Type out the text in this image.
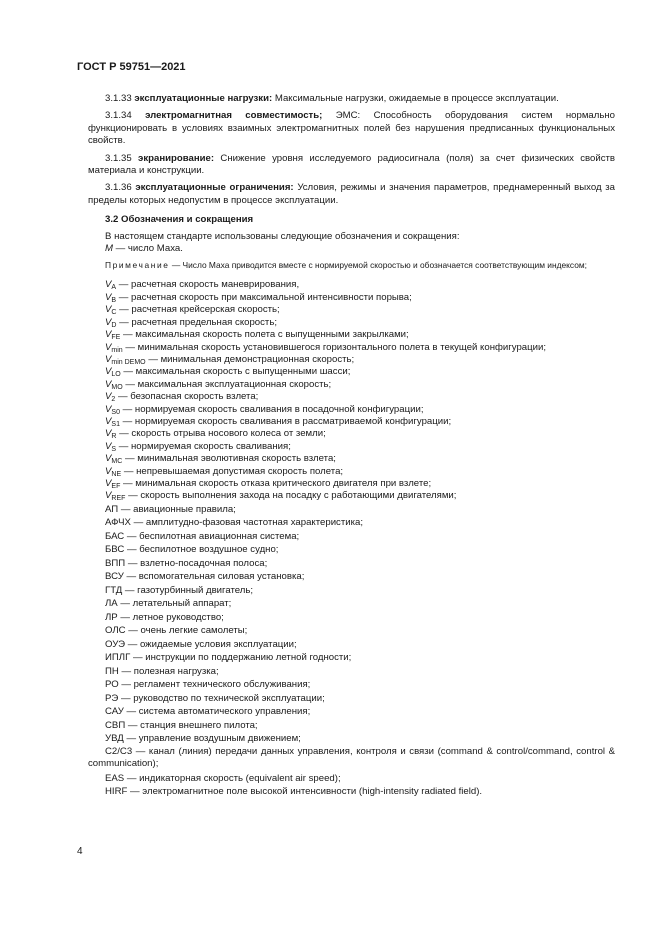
ГОСТ Р 59751—2021

3.1.33 эксплуатационные нагрузки: Максимальные нагрузки, ожидаемые в процессе эксплуатации.

3.1.34 электромагнитная совместимость; ЭМС: Способность оборудования систем нормально функционировать в условиях взаимных электромагнитных полей без нарушения предписанных функциональных свойств.

3.1.35 экранирование: Снижение уровня исследуемого радиосигнала (поля) за счет физических свойств материала и конструкции.

3.1.36 эксплуатационные ограничения: Условия, режимы и значения параметров, преднамеренный выход за пределы которых недопустим в процессе эксплуатации.

3.2 Обозначения и сокращения

В настоящем стандарте использованы следующие обозначения и сокращения:

M — число Маха.

Примечание — Число Маха приводится вместе с нормируемой скоростью и обозначается соответствующим индексом;

$V_A$ — расчетная скорость маневрирования,
$V_B$ — расчетная скорость при максимальной интенсивности порыва;
$V_C$ — расчетная крейсерская скорость;
$V_D$ — расчетная предельная скорость;
$V_{FE}$ — максимальная скорость полета с выпущенными закрылками;
$V_{min}$ — минимальная скорость установившегося горизонтального полета в текущей конфигурации;
$V_{min DEMO}$ — минимальная демонстрационная скорость;
$V_{LO}$ — максимальная скорость с выпущенными шасси;
$V_{MO}$ — максимальная эксплуатационная скорость;
$V_2$ — безопасная скорость взлета;
$V_{S0}$ — нормируемая скорость сваливания в посадочной конфигурации;
$V_{S1}$ — нормируемая скорость сваливания в рассматриваемой конфигурации;
$V_R$ — скорость отрыва носового колеса от земли;
$V_S$ — нормируемая скорость сваливания;
$V_{MC}$ — минимальная эволютивная скорость взлета;
$V_{NE}$ — непревышаемая допустимая скорость полета;
$V_{EF}$ — минимальная скорость отказа критического двигателя при взлете;
$V_{REF}$ — скорость выполнения захода на посадку с работающими двигателями;
АП — авиационные правила;
АФЧХ — амплитудно-фазовая частотная характеристика;
БАС — беспилотная авиационная система;
БВС — беспилотное воздушное судно;
ВПП — взлетно-посадочная полоса;
ВСУ — вспомогательная силовая установка;
ГТД — газотурбинный двигатель;
ЛА — летательный аппарат;
ЛР — летное руководство;
ОЛС — очень легкие самолеты;
ОУЭ — ожидаемые условия эксплуатации;
ИПЛГ — инструкции по поддержанию летной годности;
ПН — полезная нагрузка;
РО — регламент технического обслуживания;
РЭ — руководство по технической эксплуатации;
САУ — система автоматического управления;
СВП — станция внешнего пилота;
УВД — управление воздушным движением;
C2/C3 — канал (линия) передачи данных управления, контроля и связи (command & control/command, control & communication);
EAS — индикаторная скорость (equivalent air speed);
HIRF — электромагнитное поле высокой интенсивности (high-intensity radiated field).
4
